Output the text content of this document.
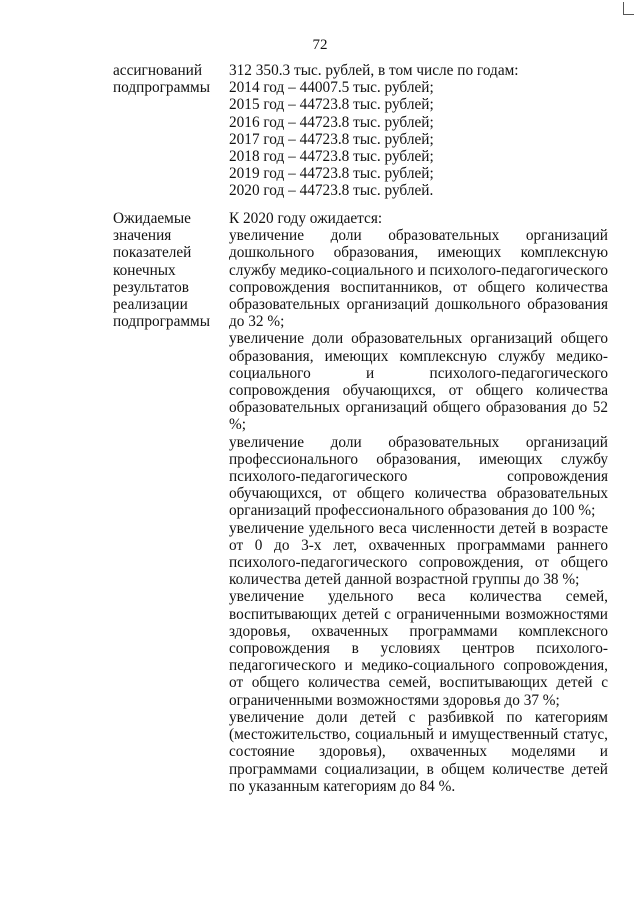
72
ассигнований
подпрограммы
312 350.3 тыс. рублей, в том числе по годам:
2014 год – 44007.5 тыс. рублей;
2015 год – 44723.8 тыс. рублей;
2016 год – 44723.8 тыс. рублей;
2017 год – 44723.8 тыс. рублей;
2018 год – 44723.8 тыс. рублей;
2019 год – 44723.8 тыс. рублей;
2020 год – 44723.8 тыс. рублей.
Ожидаемые
значения
показателей
конечных
результатов
реализации
подпрограммы
К 2020 году ожидается:
увеличение доли образовательных организаций дошкольного образования, имеющих комплексную службу медико-социального и психолого-педагогического сопровождения воспитанников, от общего количества образовательных организаций дошкольного образования до 32 %;
увеличение доли образовательных организаций общего образования, имеющих комплексную службу медико-социального и психолого-педагогического сопровождения обучающихся, от общего количества образовательных организаций общего образования до 52 %;
увеличение доли образовательных организаций профессионального образования, имеющих службу психолого-педагогического сопровождения обучающихся, от общего количества образовательных организаций профессионального образования до 100 %;
увеличение удельного веса численности детей в возрасте от 0 до 3-х лет, охваченных программами раннего психолого-педагогического сопровождения, от общего количества детей данной возрастной группы до 38 %;
увеличение удельного веса количества семей, воспитывающих детей с ограниченными возможностями здоровья, охваченных программами комплексного сопровождения в условиях центров психолого-педагогического и медико-социального сопровождения, от общего количества семей, воспитывающих детей с ограниченными возможностями здоровья до 37 %;
увеличение доли детей с разбивкой по категориям (местожительство, социальный и имущественный статус, состояние здоровья), охваченных моделями и программами социализации, в общем количестве детей по указанным категориям до 84 %.
